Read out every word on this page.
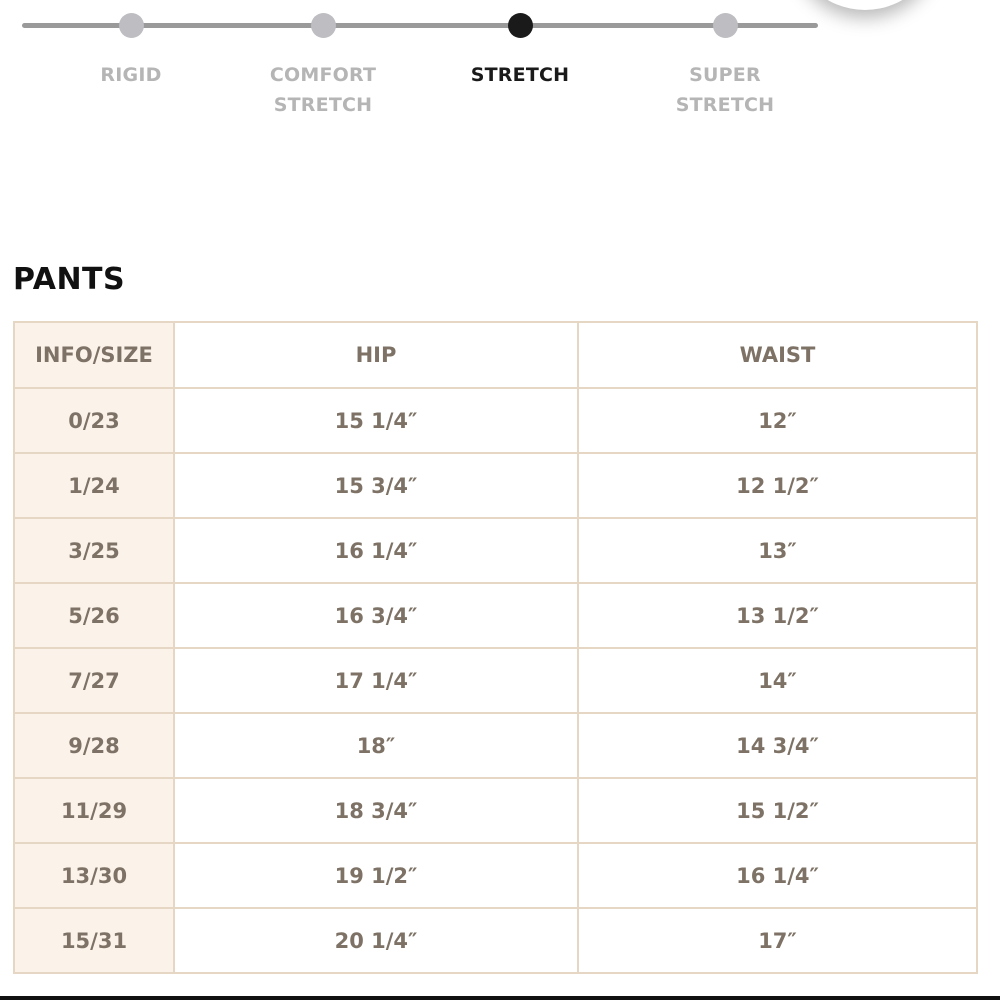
RIGID	COMFORT
STRETCH
STRETCH	SUPER
STRETCH
PANTS
INFO/SIZE	HIP	WAIST
0/23	15 1/4″	12″
1/24	15 3/4″	12 1/2″
3/25	16 1/4″	13″
5/26	16 3/4″	13 1/2″
7/27	17 1/4″	14″
9/28	18″	14 3/4″
11/29	18 3/4″	15 1/2″
13/30	19 1/2″	16 1/4″
15/31	20 1/4″	17″
